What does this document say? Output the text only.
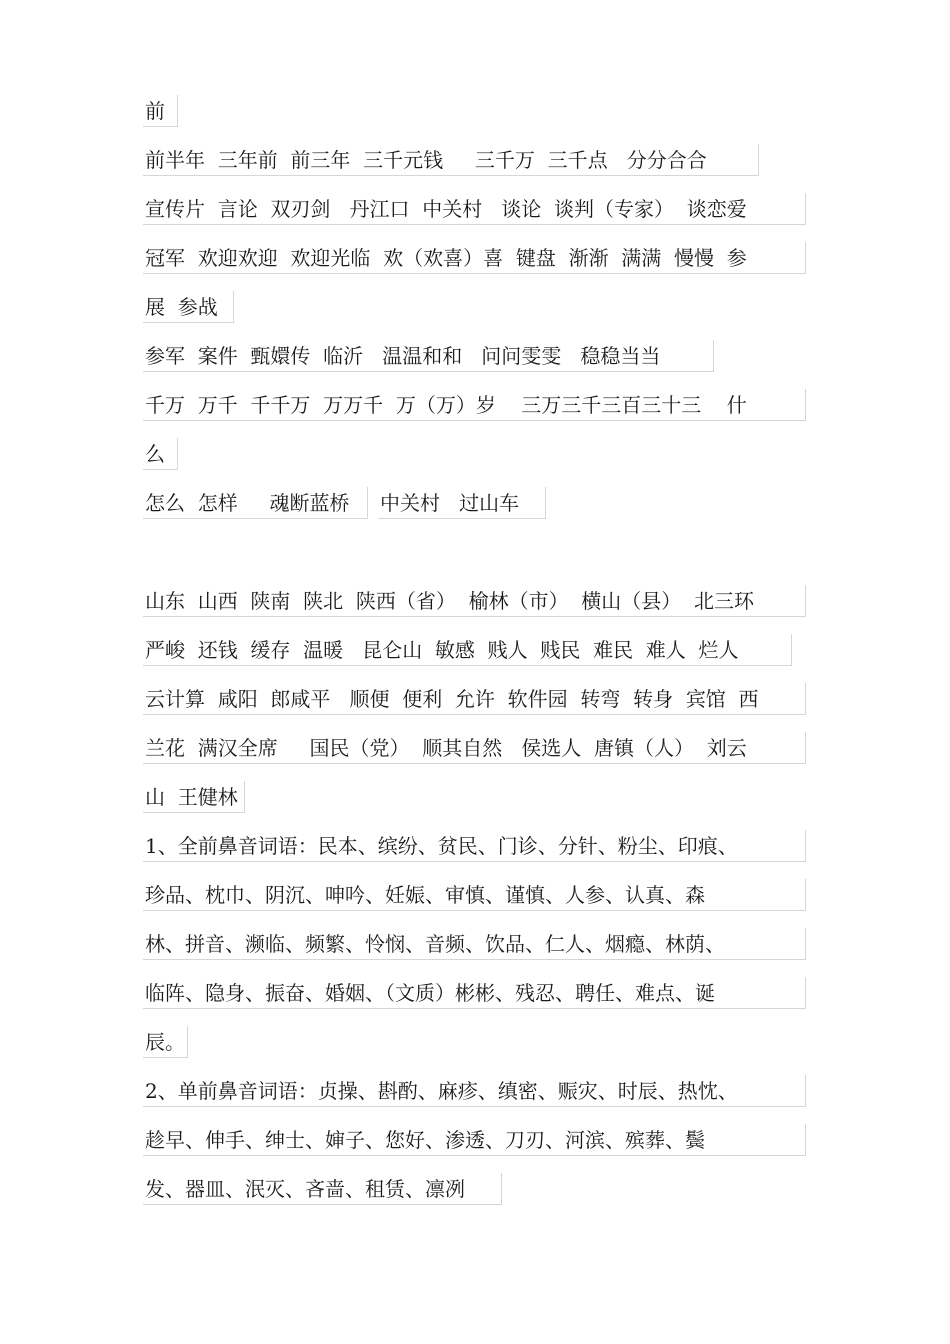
前
前半年  三年前  前三年  三千元钱     三千万  三千点   分分合合
宣传片  言论  双刃剑   丹江口  中关村   谈论  谈判（专家）  谈恋爱
冠军  欢迎欢迎  欢迎光临  欢（欢喜）喜  键盘  渐渐  满满  慢慢  参
展  参战
参军  案件  甄嬛传  临沂   温温和和   问问雯雯   稳稳当当
千万  万千  千千万  万万千  万（万）岁    三万三千三百三十三    什
么
怎么  怎样     魂断蓝桥	中关村   过山车
山东  山西  陕南  陕北  陕西（省）  榆林（市）  横山（县）  北三环
严峻  还钱  缓存  温暖   昆仑山  敏感  贱人  贱民  难民  难人  烂人
云计算  咸阳  郎咸平   顺便  便利  允许  软件园  转弯  转身  宾馆  西
兰花  满汉全席     国民（党）  顺其自然   侯选人  唐镇（人）  刘云
山  王健林
1、全前鼻音词语：民本、缤纷、贫民、门诊、分针、粉尘、印痕、
珍品、枕巾、阴沉、呻吟、妊娠、审慎、谨慎、人参、认真、森
林、拼音、濒临、频繁、怜悯、音频、饮品、仁人、烟瘾、林荫、
临阵、隐身、振奋、婚姻、（文质）彬彬、残忍、聘任、难点、诞
辰。
2、单前鼻音词语：贞操、斟酌、麻疹、缜密、赈灾、时辰、热忱、
趁早、伸手、绅士、婶子、您好、渗透、刀刃、河滨、殡葬、鬓
发、器皿、泯灭、吝啬、租赁、凛冽
